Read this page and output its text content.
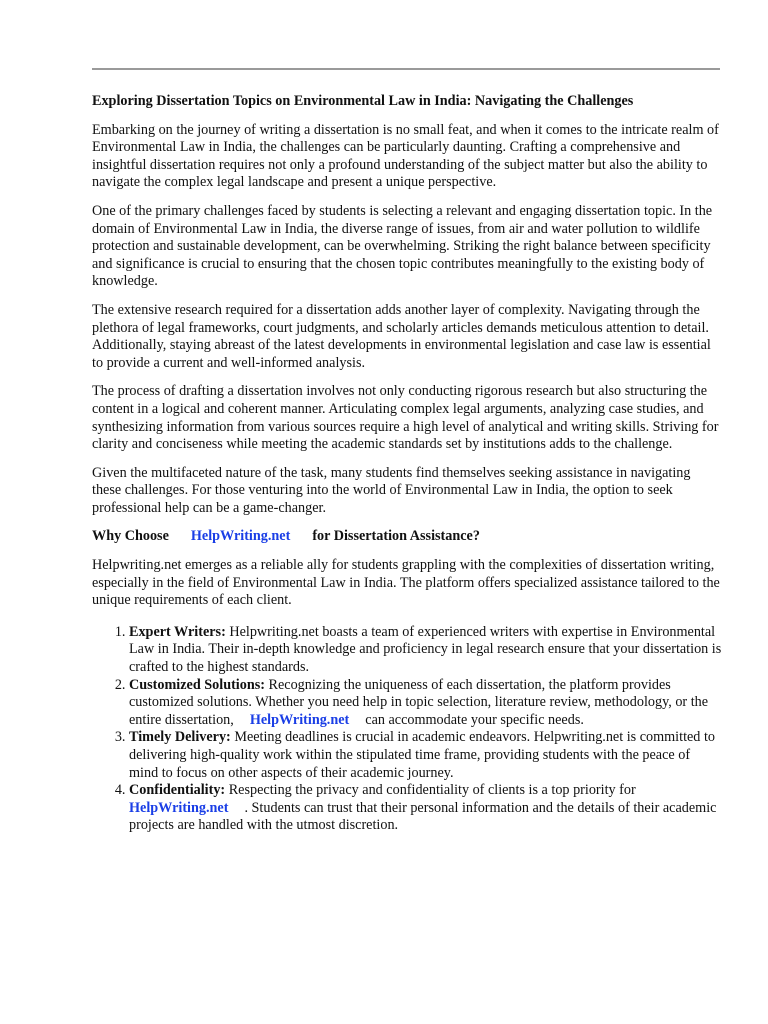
Exploring Dissertation Topics on Environmental Law in India: Navigating the Challenges

Embarking on the journey of writing a dissertation is no small feat, and when it comes to the intricate realm of Environmental Law in India, the challenges can be particularly daunting. Crafting a comprehensive and insightful dissertation requires not only a profound understanding of the subject matter but also the ability to navigate the complex legal landscape and present a unique perspective.

One of the primary challenges faced by students is selecting a relevant and engaging dissertation topic. In the domain of Environmental Law in India, the diverse range of issues, from air and water pollution to wildlife protection and sustainable development, can be overwhelming. Striking the right balance between specificity and significance is crucial to ensuring that the chosen topic contributes meaningfully to the existing body of knowledge.

The extensive research required for a dissertation adds another layer of complexity. Navigating through the plethora of legal frameworks, court judgments, and scholarly articles demands meticulous attention to detail. Additionally, staying abreast of the latest developments in environmental legislation and case law is essential to provide a current and well-informed analysis.

The process of drafting a dissertation involves not only conducting rigorous research but also structuring the content in a logical and coherent manner. Articulating complex legal arguments, analyzing case studies, and synthesizing information from various sources require a high level of analytical and writing skills. Striving for clarity and conciseness while meeting the academic standards set by institutions adds to the challenge.

Given the multifaceted nature of the task, many students find themselves seeking assistance in navigating these challenges. For those venturing into the world of Environmental Law in India, the option to seek professional help can be a game-changer.

Why Choose HelpWriting.net for Dissertation Assistance?

Helpwriting.net emerges as a reliable ally for students grappling with the complexities of dissertation writing, especially in the field of Environmental Law in India. The platform offers specialized assistance tailored to the unique requirements of each client.

1. Expert Writers: Helpwriting.net boasts a team of experienced writers with expertise in Environmental Law in India. Their in-depth knowledge and proficiency in legal research ensure that your dissertation is crafted to the highest standards.
2. Customized Solutions: Recognizing the uniqueness of each dissertation, the platform provides customized solutions. Whether you need help in topic selection, literature review, methodology, or the entire dissertation, HelpWriting.net can accommodate your specific needs.
3. Timely Delivery: Meeting deadlines is crucial in academic endeavors. Helpwriting.net is committed to delivering high-quality work within the stipulated time frame, providing students with the peace of mind to focus on other aspects of their academic journey.
4. Confidentiality: Respecting the privacy and confidentiality of clients is a top priority for HelpWriting.net . Students can trust that their personal information and the details of their academic projects are handled with the utmost discretion.
